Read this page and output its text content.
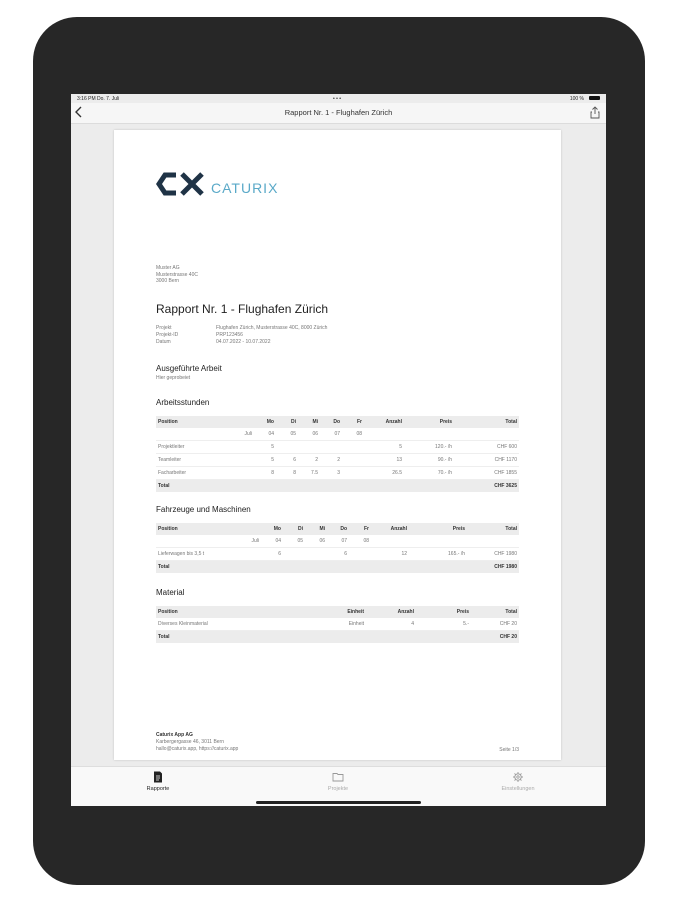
3:16 PM Do. 7. Juli	• • •	100 %
Rapport Nr. 1 - Flughafen Zürich
CATURIX
Muster AG
Musterstrasse 40C
3000 Bern
Rapport Nr. 1 - Flughafen Zürich
Projekt	Flughafen Zürich, Musterstrasse 40C, 8000 Zürich
Projekt-ID	PRP123456
Datum	04.07.2022 - 10.07.2022
Ausgeführte Arbeit
Hier geprobeiet
Arbeitsstunden
Position		Mo	Di	Mi	Do	Fr	Anzahl	Preis	Total
	Juli	04	05	06	07	08			
Projektleiter		5					5	120.- /h	CHF 600
Teamleiter		5	6	2	2		13	90.- /h	CHF 1170
Facharbeiter		8	8	7.5	3		26.5	70.- /h	CHF 1855
Total									CHF 3625
Fahrzeuge und Maschinen
Position		Mo	Di	Mi	Do	Fr	Anzahl	Preis	Total
	Juli	04	05	06	07	08			
Lieferwagen bis 3,5 t		6			6		12	165.- /h	CHF 1980
Total									CHF 1980
Material
Position	Einheit	Anzahl	Preis	Total
Diverses Kleinmaterial	Einheit	4	5.-	CHF 20
Total				CHF 20
Caturix App AG
Karbergergasse 46, 3011 Bern
hallo@caturix.app, https://caturix.app	Seite 1/3
Rapporte	Projekte	Einstellungen
